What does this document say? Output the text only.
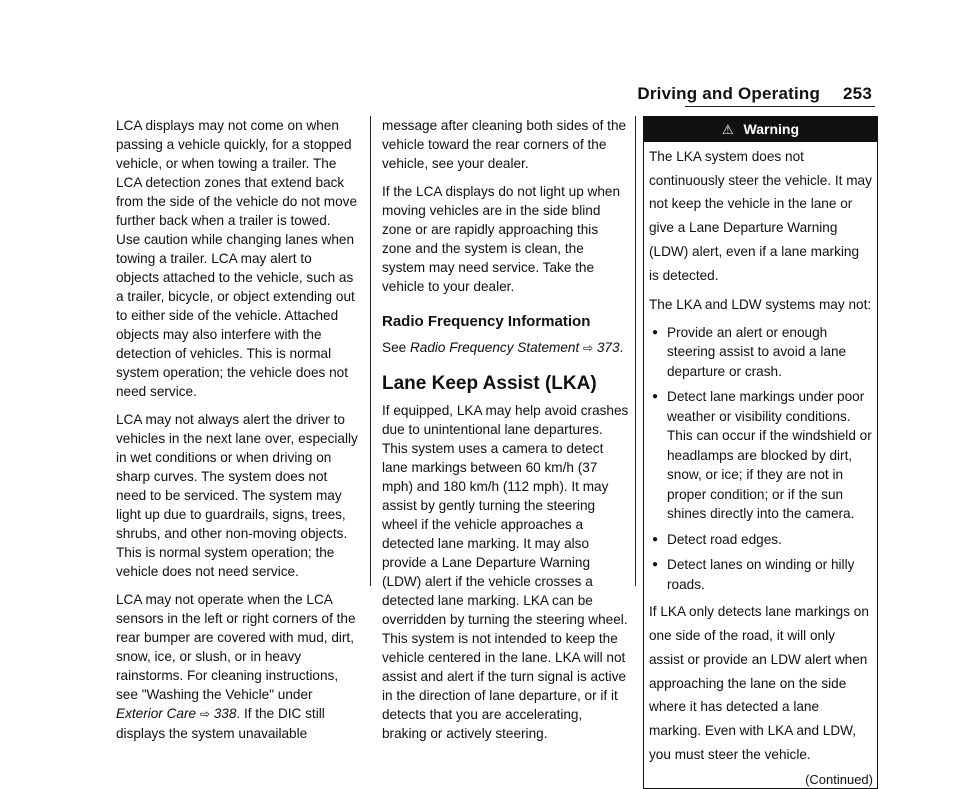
Driving and Operating 253

LCA displays may not come on when passing a vehicle quickly, for a stopped vehicle, or when towing a trailer. The LCA detection zones that extend back from the side of the vehicle do not move further back when a trailer is towed. Use caution while changing lanes when towing a trailer. LCA may alert to objects attached to the vehicle, such as a trailer, bicycle, or object extending out to either side of the vehicle. Attached objects may also interfere with the detection of vehicles. This is normal system operation; the vehicle does not need service.

LCA may not always alert the driver to vehicles in the next lane over, especially in wet conditions or when driving on sharp curves. The system does not need to be serviced. The system may light up due to guardrails, signs, trees, shrubs, and other non-moving objects. This is normal system operation; the vehicle does not need service.

LCA may not operate when the LCA sensors in the left or right corners of the rear bumper are covered with mud, dirt, snow, ice, or slush, or in heavy rainstorms. For cleaning instructions, see "Washing the Vehicle" under Exterior Care ⇨ 338. If the DIC still displays the system unavailable

message after cleaning both sides of the vehicle toward the rear corners of the vehicle, see your dealer.

If the LCA displays do not light up when moving vehicles are in the side blind zone or are rapidly approaching this zone and the system is clean, the system may need service. Take the vehicle to your dealer.

Radio Frequency Information

See Radio Frequency Statement ⇨ 373.

Lane Keep Assist (LKA)

If equipped, LKA may help avoid crashes due to unintentional lane departures. This system uses a camera to detect lane markings between 60 km/h (37 mph) and 180 km/h (112 mph). It may assist by gently turning the steering wheel if the vehicle approaches a detected lane marking. It may also provide a Lane Departure Warning (LDW) alert if the vehicle crosses a detected lane marking. LKA can be overridden by turning the steering wheel. This system is not intended to keep the vehicle centered in the lane. LKA will not assist and alert if the turn signal is active in the direction of lane departure, or if it detects that you are accelerating, braking or actively steering.

⚠ Warning

The LKA system does not continuously steer the vehicle. It may not keep the vehicle in the lane or give a Lane Departure Warning (LDW) alert, even if a lane marking is detected.

The LKA and LDW systems may not:

● Provide an alert or enough steering assist to avoid a lane departure or crash.
● Detect lane markings under poor weather or visibility conditions. This can occur if the windshield or headlamps are blocked by dirt, snow, or ice; if they are not in proper condition; or if the sun shines directly into the camera.
● Detect road edges.
● Detect lanes on winding or hilly roads.

If LKA only detects lane markings on one side of the road, it will only assist or provide an LDW alert when approaching the lane on the side where it has detected a lane marking. Even with LKA and LDW, you must steer the vehicle.

(Continued)
